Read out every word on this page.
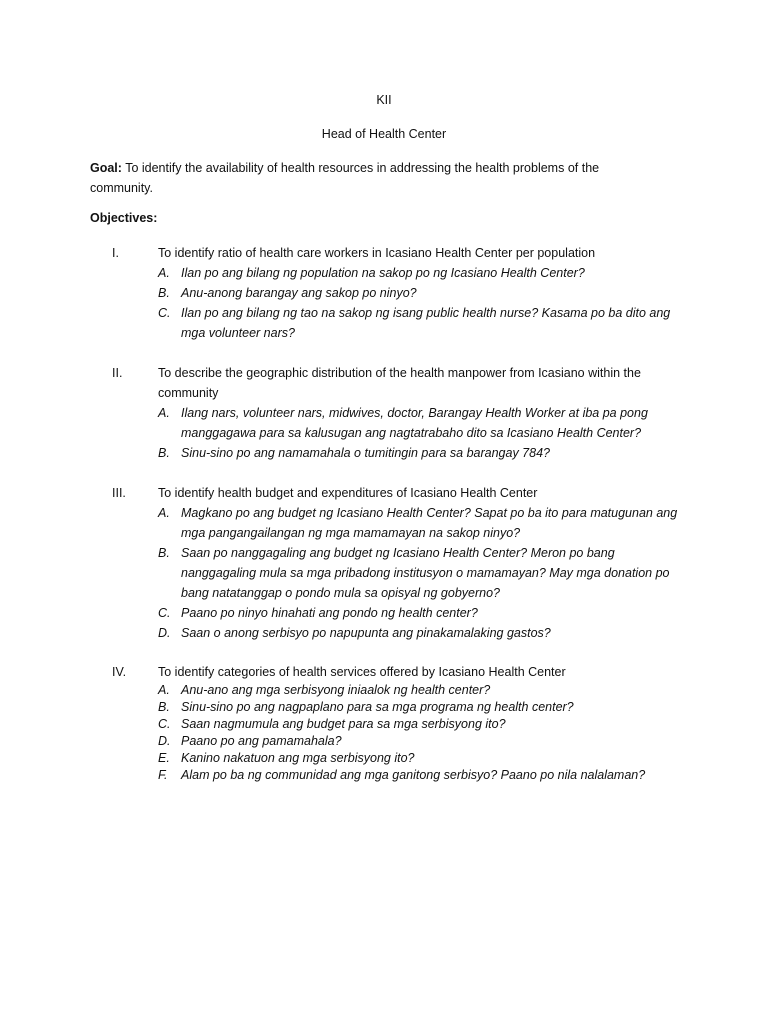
KII
Head of Health Center
Goal: To identify the availability of health resources in addressing the health problems of the community.
Objectives:
I.	To identify ratio of health care workers in Icasiano Health Center per population
A. Ilan po ang bilang ng population na sakop po ng Icasiano Health Center?
B. Anu-anong barangay ang sakop po ninyo?
C. Ilan po ang bilang ng tao na sakop ng isang public health nurse? Kasama po ba dito ang mga volunteer nars?
II.	To describe the geographic distribution of the health manpower from Icasiano within the community
A. Ilang nars, volunteer nars, midwives, doctor, Barangay Health Worker at iba pa pong manggagawa para sa kalusugan ang nagtatrabaho dito sa Icasiano Health Center?
B. Sinu-sino po ang namamahala o tumitingin para sa barangay 784?
III.	To identify health budget and expenditures of Icasiano Health Center
A. Magkano po ang budget ng Icasiano Health Center? Sapat po ba ito para matugunan ang mga pangangailangan ng mga mamamayan na sakop ninyo?
B. Saan po nanggagaling ang budget ng Icasiano Health Center? Meron po bang nanggagaling mula sa mga pribadong institusyon o mamamayan? May mga donation po bang natatanggap o pondo mula sa opisyal ng gobyerno?
C. Paano po ninyo hinahati ang pondo ng health center?
D. Saan o anong serbisyo po napupunta ang pinakamalaking gastos?
IV.	To identify categories of health services offered by Icasiano Health Center
A. Anu-ano ang mga serbisyong iniaalok ng health center?
B. Sinu-sino po ang nagpaplano para sa mga programa ng health center?
C. Saan nagmumula ang budget para sa mga serbisyong ito?
D. Paano po ang pamamahala?
E. Kanino nakatuon ang mga serbisyong ito?
F. Alam po ba ng communidad ang mga ganitong serbisyo? Paano po nila nalalaman?
